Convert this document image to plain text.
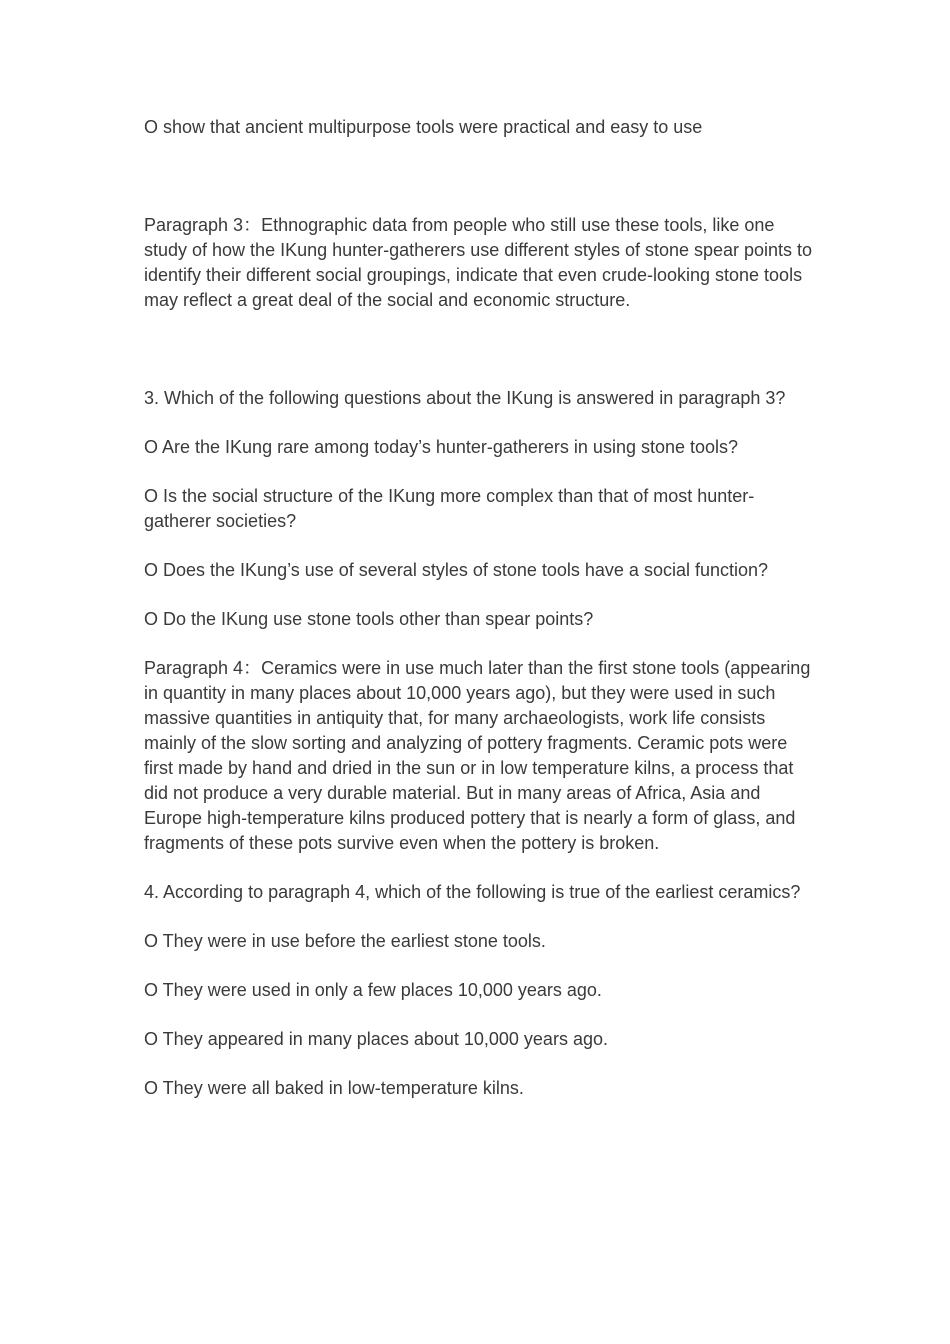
O show that ancient multipurpose tools were practical and easy to use

Paragraph 3：Ethnographic data from people who still use these tools, like one study of how the IKung hunter-gatherers use different styles of stone spear points to identify their different social groupings, indicate that even crude-looking stone tools may reflect a great deal of the social and economic structure.

3. Which of the following questions about the IKung is answered in paragraph 3?

O Are the IKung rare among today’s hunter-gatherers in using stone tools?

O Is the social structure of the IKung more complex than that of most hunter-gatherer societies?

O Does the IKung’s use of several styles of stone tools have a social function?

O Do the IKung use stone tools other than spear points?

Paragraph 4：Ceramics were in use much later than the first stone tools (appearing in quantity in many places about 10,000 years ago), but they were used in such massive quantities in antiquity that, for many archaeologists, work life consists mainly of the slow sorting and analyzing of pottery fragments. Ceramic pots were first made by hand and dried in the sun or in low temperature kilns, a process that did not produce a very durable material. But in many areas of Africa, Asia and Europe high-temperature kilns produced pottery that is nearly a form of glass, and fragments of these pots survive even when the pottery is broken.

4. According to paragraph 4, which of the following is true of the earliest ceramics?

O They were in use before the earliest stone tools.

O They were used in only a few places 10,000 years ago.

O They appeared in many places about 10,000 years ago.

O They were all baked in low-temperature kilns.
